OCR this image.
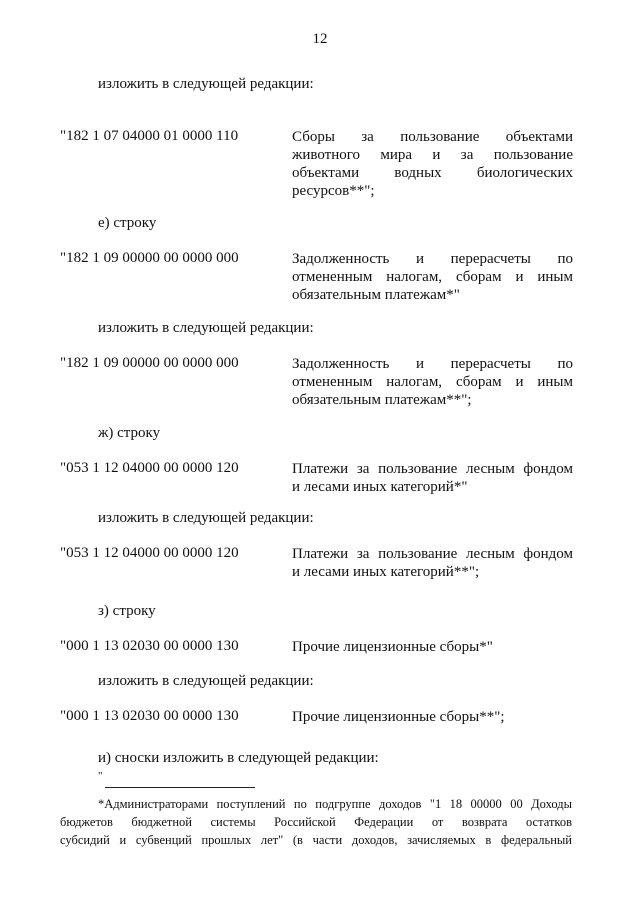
12
изложить в следующей редакции:
"182 1 07 04000 01 0000 110	Сборы за пользование объектами
животного мира и за пользование
объектами водных биологических
ресурсов**";
е) строку
"182 1 09 00000 00 0000 000	Задолженность и перерасчеты по
отмененным налогам, сборам и иным
обязательным платежам*"
изложить в следующей редакции:
"182 1 09 00000 00 0000 000	Задолженность и перерасчеты по
отмененным налогам, сборам и иным
обязательным платежам**";
ж) строку
"053 1 12 04000 00 0000 120	Платежи за пользование лесным фондом
и лесами иных категорий*"
изложить в следующей редакции:
"053 1 12 04000 00 0000 120	Платежи за пользование лесным фондом
и лесами иных категорий**";
з) строку
"000 1 13 02030 00 0000 130	Прочие лицензионные сборы*"
изложить в следующей редакции:
"000 1 13 02030 00 0000 130	Прочие лицензионные сборы**";
и) сноски изложить в следующей редакции:
"
*Администраторами поступлений по подгруппе доходов "1 18 00000 00 Доходы
бюджетов бюджетной системы Российской Федерации от возврата остатков
субсидий и субвенций прошлых лет" (в части доходов, зачисляемых в федеральный
